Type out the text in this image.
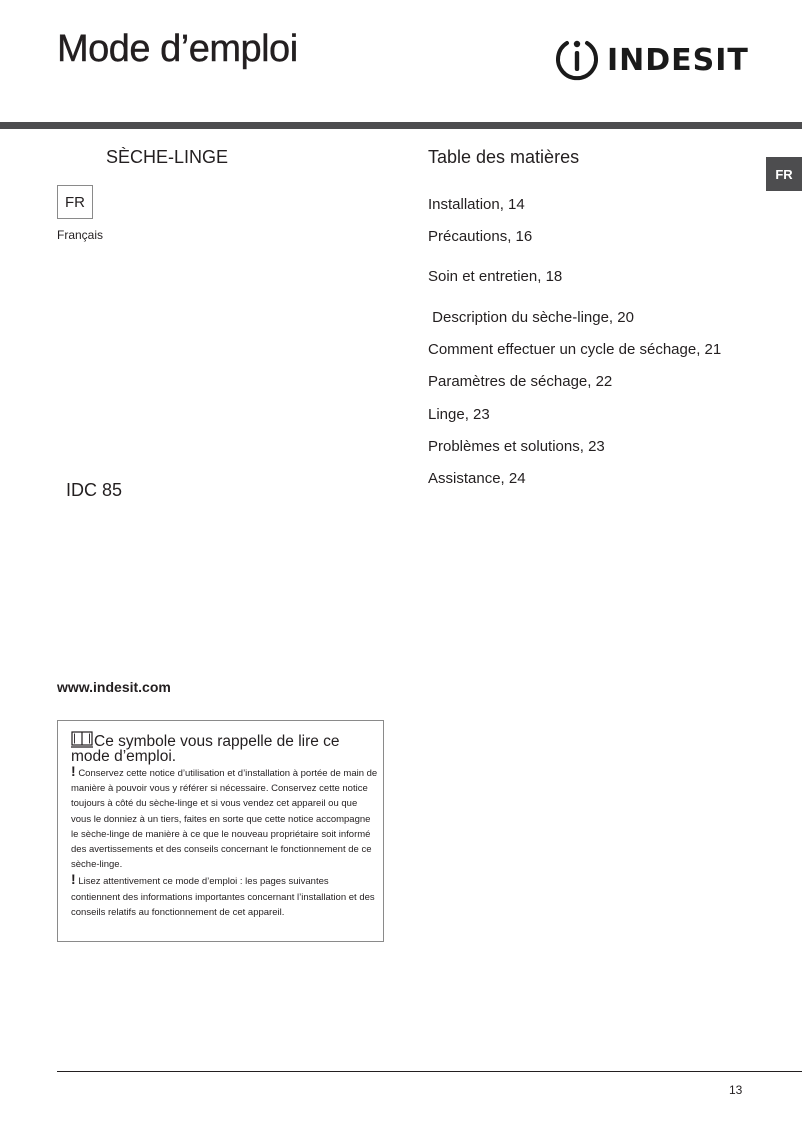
Mode d’emploi	INDESIT
SÈCHE-LINGE
FR
Français
Table des matières
FR
Installation, 14
Précautions, 16
Soin et entretien, 18
Description du sèche-linge, 20
Comment effectuer un cycle de séchage, 21
Paramètres de séchage, 22
Linge, 23
Problèmes et solutions, 23
Assistance, 24
IDC 85
www.indesit.com
Ce symbole vous rappelle de lire ce mode d’emploi.
! Conservez cette notice d’utilisation et d’installation à portée de main de manière à pouvoir vous y référer si nécessaire. Conservez cette notice toujours à côté du sèche-linge et si vous vendez cet appareil ou que vous le donniez à un tiers, faites en sorte que cette notice accompagne le sèche-linge de manière à ce que le nouveau propriétaire soit informé des avertissements et des conseils concernant le fonctionnement de ce sèche-linge.
! Lisez attentivement ce mode d’emploi : les pages suivantes contiennent des informations importantes concernant l’installation et des conseils relatifs au fonctionnement de cet appareil.
13
